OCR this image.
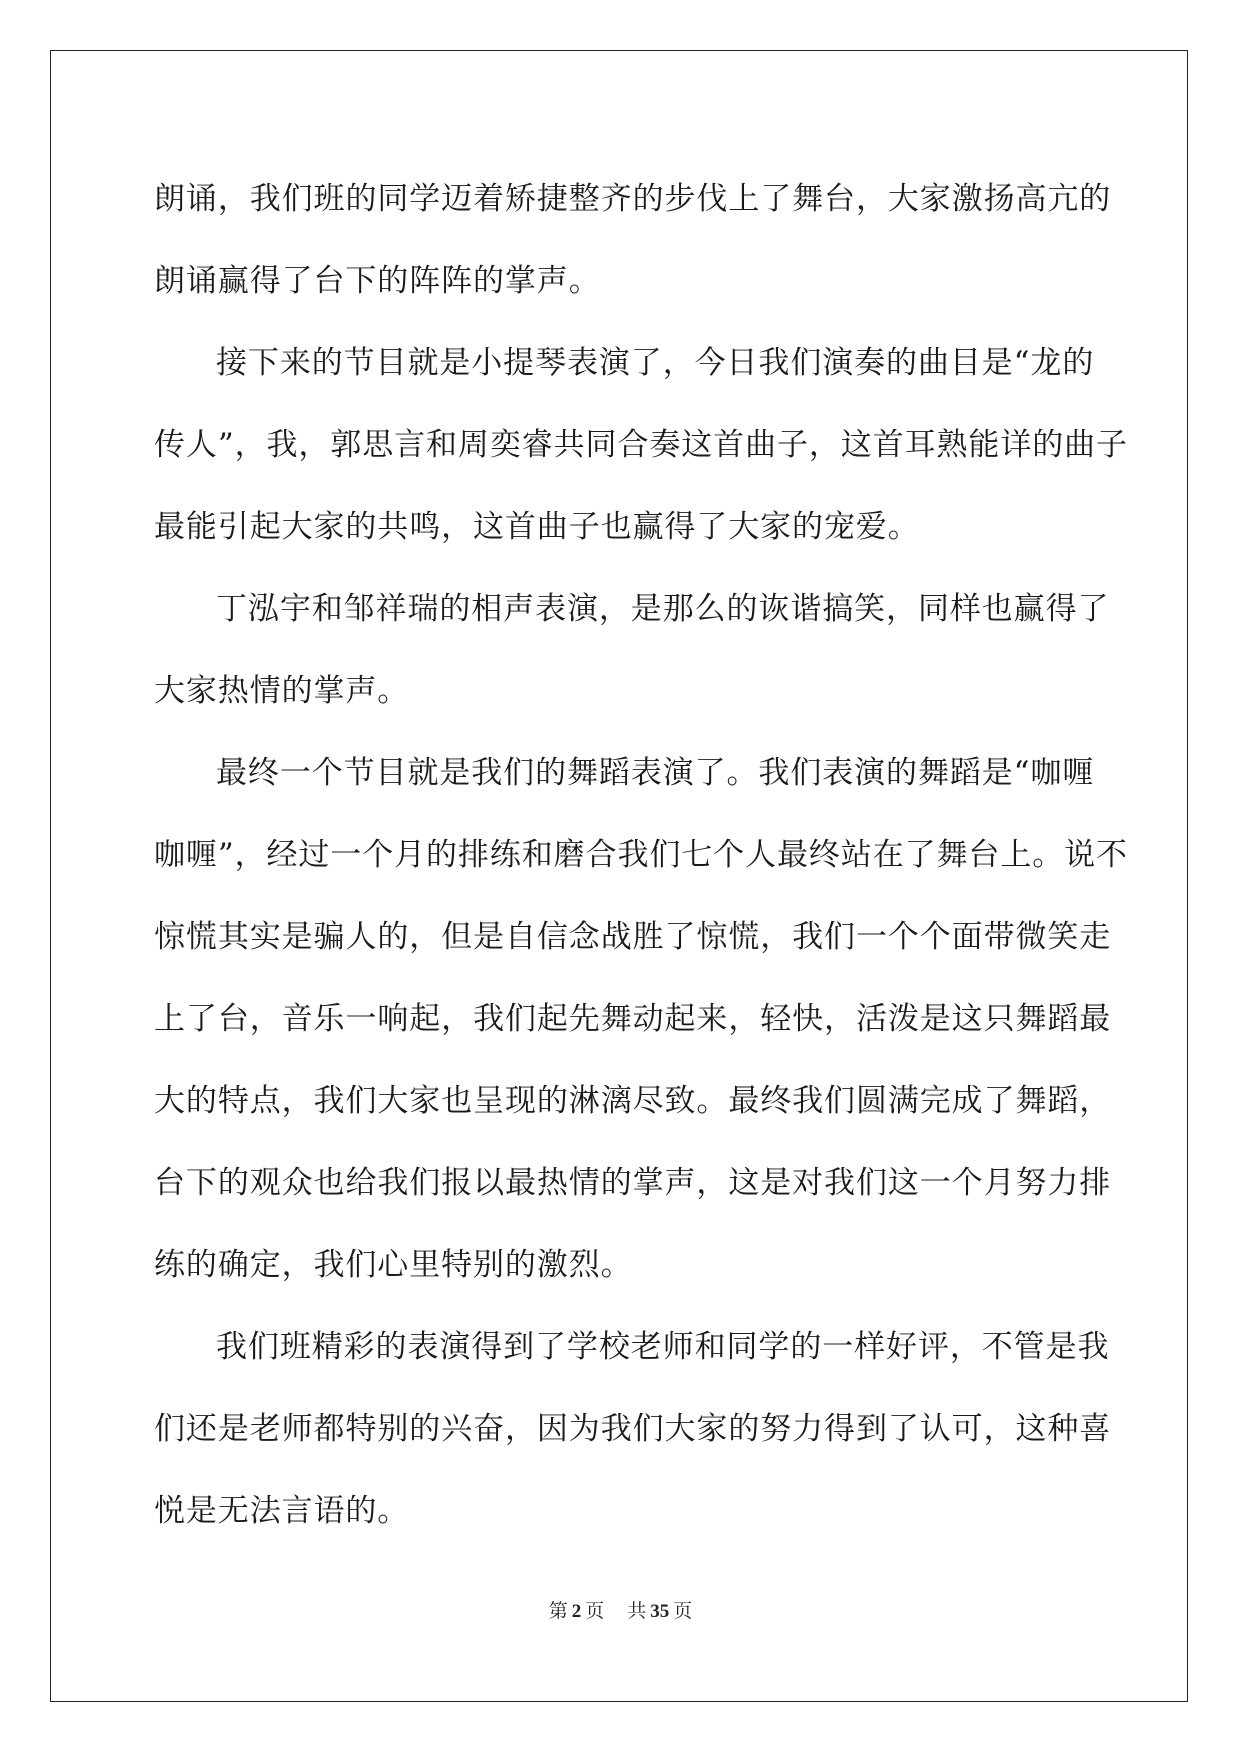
朗 诵 ， 我 们 班 的 同 学 迈 着 矫 捷 整 齐 的 步 伐 上 了 舞 台 ， 大 家 激 扬 高 亢 的
朗诵赢得了台下的阵阵的掌声。
接 下 来 的 节 目 就 是 小 提 琴 表 演 了 ， 今 日 我 们 演 奏 的 曲 目 是 “ 龙 的
传 人 ” ， 我 ， 郭 思 言 和 周 奕 睿 共 同 合 奏 这 首 曲 子 ， 这 首 耳 熟 能 详 的 曲 子
最能引起大家的共鸣，这首曲子也赢得了大家的宠爱。
丁 泓 宇 和 邹 祥 瑞 的 相 声 表 演 ， 是 那 么 的 诙 谐 搞 笑 ， 同 样 也 赢 得 了
大家热情的掌声。
最 终 一 个 节 目 就 是 我 们 的 舞 蹈 表 演 了 。 我 们 表 演 的 舞 蹈 是 “ 咖 喱
咖 喱 ” ， 经 过 一 个 月 的 排 练 和 磨 合 我 们 七 个 人 最 终 站 在 了 舞 台 上 。 说 不
惊 慌 其 实 是 骗 人 的 ， 但 是 自 信 念 战 胜 了 惊 慌 ， 我 们 一 个 个 面 带 微 笑 走
上 了 台 ， 音 乐 一 响 起 ， 我 们 起 先 舞 动 起 来 ， 轻 快 ， 活 泼 是 这 只 舞 蹈 最
大 的 特 点 ， 我 们 大 家 也 呈 现 的 淋 漓 尽 致 。 最 终 我 们 圆 满 完 成 了 舞 蹈 ，
台 下 的 观 众 也 给 我 们 报 以 最 热 情 的 掌 声 ， 这 是 对 我 们 这 一 个 月 努 力 排
练的确定，我们心里特别的激烈。
我 们 班 精 彩 的 表 演 得 到 了 学 校 老 师 和 同 学 的 一 样 好 评 ， 不 管 是 我
们 还 是 老 师 都 特 别 的 兴 奋 ， 因 为 我 们 大 家 的 努 力 得 到 了 认 可 ， 这 种 喜
悦是无法言语的。
第 2 页 共 35 页
